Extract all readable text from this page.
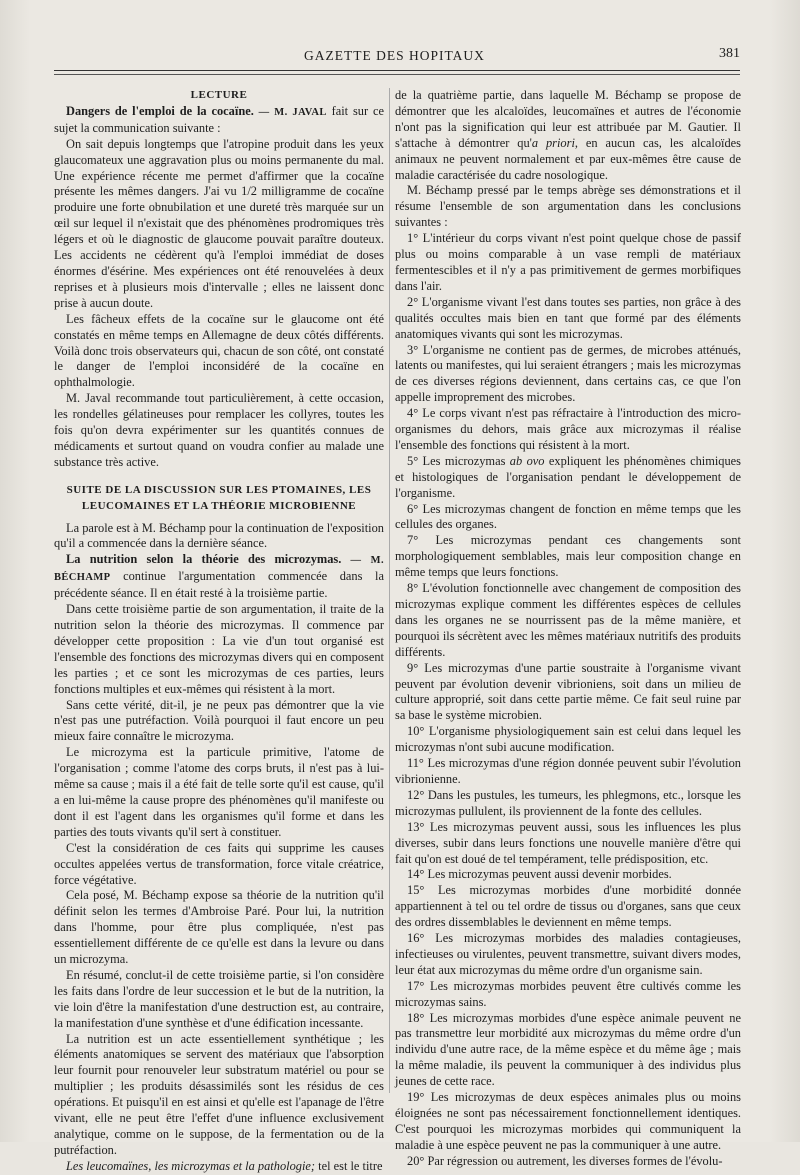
GAZETTE DES HOPITAUX	381

LECTURE

Dangers de l'emploi de la cocaïne. — M. JAVAL fait sur ce sujet la communication suivante :

On sait depuis longtemps que l'atropine produit dans les yeux glaucomateux une aggravation plus ou moins permanente du mal. Une expérience récente me permet d'affirmer que la cocaïne présente les mêmes dangers. J'ai vu 1/2 milligramme de cocaïne produire une forte obnubilation et une dureté très marquée sur un œil sur lequel il n'existait que des phénomènes prodromiques très légers et où le diagnostic de glaucome pouvait paraître douteux. Les accidents ne cédèrent qu'à l'emploi immédiat de doses énormes d'ésérine. Mes expériences ont été renouvelées à deux reprises et à plusieurs mois d'intervalle ; elles ne laissent donc prise à aucun doute.

Les fâcheux effets de la cocaïne sur le glaucome ont été constatés en même temps en Allemagne de deux côtés différents. Voilà donc trois observateurs qui, chacun de son côté, ont constaté le danger de l'emploi inconsidéré de la cocaïne en ophthalmologie.

M. Javal recommande tout particulièrement, à cette occasion, les rondelles gélatineuses pour remplacer les collyres, toutes les fois qu'on devra expérimenter sur les quantités connues de médicaments et surtout quand on voudra confier au malade une substance très active.

SUITE DE LA DISCUSSION SUR LES PTOMAINES, LES LEUCOMAINES ET LA THÉORIE MICROBIENNE

La parole est à M. Béchamp pour la continuation de l'exposition qu'il a commencée dans la dernière séance.

La nutrition selon la théorie des microzymas. — M. BÉCHAMP continue l'argumentation commencée dans la précédente séance. Il en était resté à la troisième partie.

Dans cette troisième partie de son argumentation, il traite de la nutrition selon la théorie des microzymas. Il commence par développer cette proposition : La vie d'un tout organisé est l'ensemble des fonctions des microzymas divers qui en composent les parties ; et ce sont les microzymas de ces parties, leurs fonctions multiples et eux-mêmes qui résistent à la mort.

Sans cette vérité, dit-il, je ne peux pas démontrer que la vie n'est pas une putréfaction. Voilà pourquoi il faut encore un peu mieux faire connaître le microzyma.

Le microzyma est la particule primitive, l'atome de l'organisation ; comme l'atome des corps bruts, il n'est pas à lui-même sa cause ; mais il a été fait de telle sorte qu'il est cause, qu'il a en lui-même la cause propre des phénomènes qu'il manifeste ou dont il est l'agent dans les organismes qu'il forme et dans les parties des touts vivants qu'il sert à constituer.

C'est la considération de ces faits qui supprime les causes occultes appelées vertus de transformation, force vitale créatrice, force végétative.

Cela posé, M. Béchamp expose sa théorie de la nutrition qu'il définit selon les termes d'Ambroise Paré. Pour lui, la nutrition dans l'homme, pour être plus compliquée, n'est pas essentiellement différente de ce qu'elle est dans la levure ou dans un microzyma.

En résumé, conclut-il de cette troisième partie, si l'on considère les faits dans l'ordre de leur succession et le but de la nutrition, la vie loin d'être la manifestation d'une destruction est, au contraire, la manifestation d'une synthèse et d'une édification incessante.

La nutrition est un acte essentiellement synthétique ; les éléments anatomiques se servent des matériaux que l'absorption leur fournit pour renouveler leur substratum matériel ou pour se multiplier ; les produits désassimilés sont les résidus de ces opérations. Et puisqu'il en est ainsi et qu'elle est l'apanage de l'être vivant, elle ne peut être l'effet d'une influence exclusivement analytique, comme on le suppose, de la fermentation ou de la putréfaction.

Les leucomaïnes, les microzymas et la pathologie; tel est le titre

de la quatrième partie, dans laquelle M. Béchamp se propose de démontrer que les alcaloïdes, leucomaïnes et autres de l'économie n'ont pas la signification qui leur est attribuée par M. Gautier. Il s'attache à démontrer qu'a priori, en aucun cas, les alcaloïdes animaux ne peuvent normalement et par eux-mêmes être cause de maladie caractérisée du cadre nosologique.

M. Béchamp pressé par le temps abrège ses démonstrations et il résume l'ensemble de son argumentation dans les conclusions suivantes :

1° L'intérieur du corps vivant n'est point quelque chose de passif plus ou moins comparable à un vase rempli de matériaux fermentescibles et il n'y a pas primitivement de germes morbifiques dans l'air.

2° L'organisme vivant l'est dans toutes ses parties, non grâce à des qualités occultes mais bien en tant que formé par des éléments anatomiques vivants qui sont les microzymas.

3° L'organisme ne contient pas de germes, de microbes atténués, latents ou manifestes, qui lui seraient étrangers ; mais les microzymas de ces diverses régions deviennent, dans certains cas, ce que l'on appelle improprement des microbes.

4° Le corps vivant n'est pas réfractaire à l'introduction des micro-organismes du dehors, mais grâce aux microzymas il réalise l'ensemble des fonctions qui résistent à la mort.

5° Les microzymas ab ovo expliquent les phénomènes chimiques et histologiques de l'organisation pendant le développement de l'organisme.

6° Les microzymas changent de fonction en même temps que les cellules des organes.

7° Les microzymas pendant ces changements sont morphologiquement semblables, mais leur composition change en même temps que leurs fonctions.

8° L'évolution fonctionnelle avec changement de composition des microzymas explique comment les différentes espèces de cellules dans les organes ne se nourrissent pas de la même manière, et pourquoi ils sécrètent avec les mêmes matériaux nutritifs des produits différents.

9° Les microzymas d'une partie soustraite à l'organisme vivant peuvent par évolution devenir vibrioniens, soit dans un milieu de culture approprié, soit dans cette partie même. Ce fait seul ruine par sa base le système microbien.

10° L'organisme physiologiquement sain est celui dans lequel les microzymas n'ont subi aucune modification.

11° Les microzymas d'une région donnée peuvent subir l'évolution vibrionienne.

12° Dans les pustules, les tumeurs, les phlegmons, etc., lorsque les microzymas pullulent, ils proviennent de la fonte des cellules.

13° Les microzymas peuvent aussi, sous les influences les plus diverses, subir dans leurs fonctions une nouvelle manière d'être qui fait qu'on est doué de tel tempérament, telle prédisposition, etc.

14° Les microzymas peuvent aussi devenir morbides.

15° Les microzymas morbides d'une morbidité donnée appartiennent à tel ou tel ordre de tissus ou d'organes, sans que ceux des ordres dissemblables le deviennent en même temps.

16° Les microzymas morbides des maladies contagieuses, infectieuses ou virulentes, peuvent transmettre, suivant divers modes, leur état aux microzymas du même ordre d'un organisme sain.

17° Les microzymas morbides peuvent être cultivés comme les microzymas sains.

18° Les microzymas morbides d'une espèce animale peuvent ne pas transmettre leur morbidité aux microzymas du même ordre d'un individu d'une autre race, de la même espèce et du même âge ; mais la même maladie, ils peuvent la communiquer à des individus plus jeunes de cette race.

19° Les microzymas de deux espèces animales plus ou moins éloignées ne sont pas nécessairement fonctionnellement identiques. C'est pourquoi les microzymas morbides qui communiquent la maladie à une espèce peuvent ne pas la communiquer à une autre.

20° Par régression ou autrement, les diverses formes de l'évolu-
